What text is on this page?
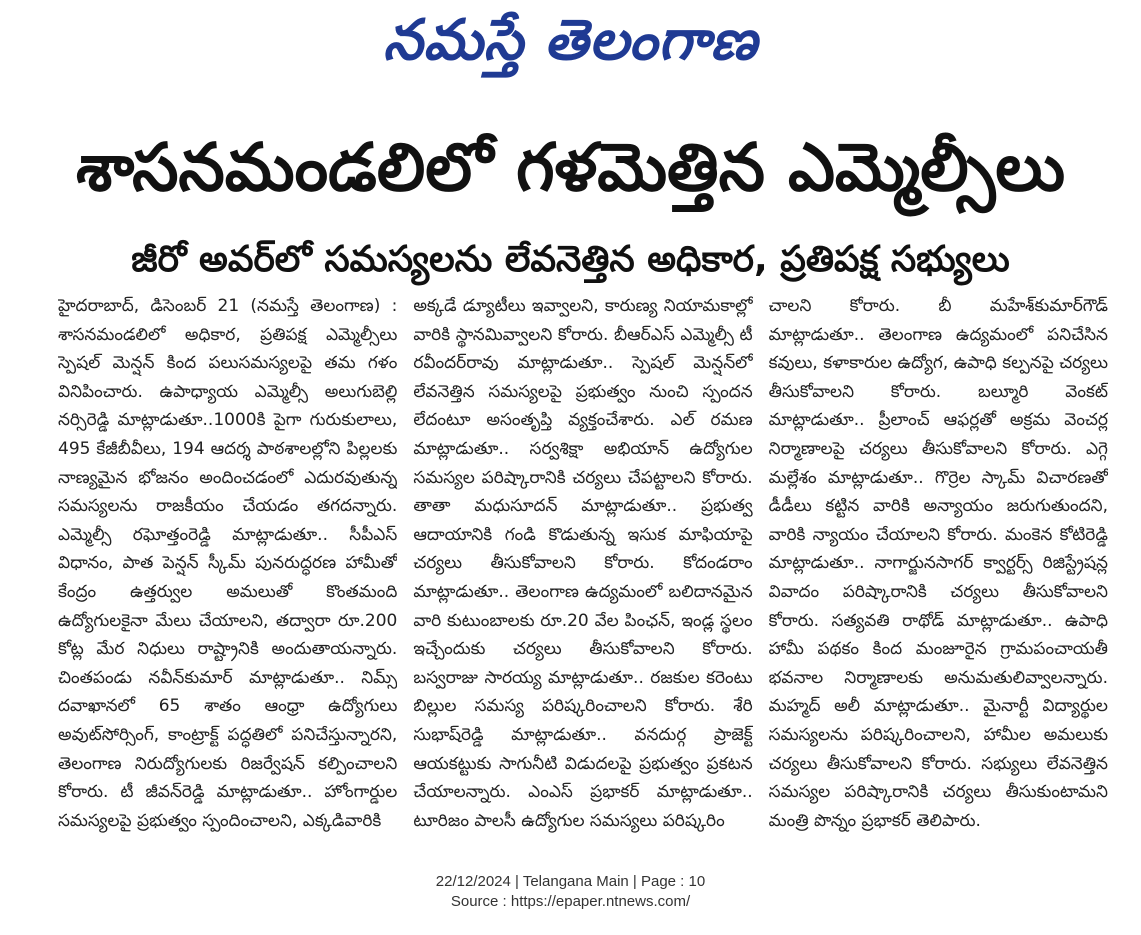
నమస్తే తెలంగాణ
శాసనమండలిలో గళమెత్తిన ఎమ్మెల్సీలు
జీరో అవర్‌లో సమస్యలను లేవనెత్తిన అధికార, ప్రతిపక్ష సభ్యులు

హైదరాబాద్, డిసెంబర్ 21 (నమస్తే తెలంగాణ) : శాసనమండలిలో అధికార, ప్రతిపక్ష ఎమ్మెల్సీలు స్పెషల్ మెన్షన్ కింద పలుసమస్యలపై తమ గళం వినిపించారు. ఉపాధ్యాయ ఎమ్మెల్సీ అలుగుబెల్లి నర్సిరెడ్డి మాట్లాడుతూ..1000కి పైగా గురుకులాలు, 495 కేజీబీవీలు, 194 ఆదర్శ పాఠశాలల్లోని పిల్లలకు నాణ్యమైన భోజనం అందించడంలో ఎదురవుతున్న సమస్యలను రాజకీయం చేయడం తగదన్నారు. ఎమ్మెల్సీ రఘోత్తంరెడ్డి మాట్లాడుతూ.. సీపీఎస్ విధానం, పాత పెన్షన్ స్కీమ్ పునరుద్ధరణ హామీతో కేంద్రం ఉత్తర్వుల అమలుతో కొంతమంది ఉద్యోగులకైనా మేలు చేయాలని, తద్వారా రూ.200 కోట్ల మేర నిధులు రాష్ట్రానికి అందుతాయన్నారు. చింతపండు నవీన్‌కుమార్ మాట్లాడుతూ.. నిమ్స్ దవాఖానలో 65 శాతం ఆంధ్రా ఉద్యోగులు అవుట్‌సోర్సింగ్, కాంట్రాక్ట్ పద్ధతిలో పనిచేస్తున్నారని, తెలంగాణ నిరుద్యోగులకు రిజర్వేషన్ కల్పించాలని కోరారు. టీ జీవన్‌రెడ్డి మాట్లాడుతూ.. హోంగార్డుల సమస్యలపై ప్రభుత్వం స్పందించాలని, ఎక్కడివారికి

అక్కడే డ్యూటీలు ఇవ్వాలని, కారుణ్య నియామకాల్లో వారికి స్థానమివ్వాలని కోరారు. బీఆర్‌ఎస్ ఎమ్మెల్సీ టీ రవీందర్‌రావు మాట్లాడుతూ.. స్పెషల్ మెన్షన్‌లో లేవనెత్తిన సమస్యలపై ప్రభుత్వం నుంచి స్పందన లేదంటూ అసంతృప్తి వ్యక్తంచేశారు. ఎల్ రమణ మాట్లాడుతూ.. సర్వశిక్షా అభియాన్ ఉద్యోగుల సమస్యల పరిష్కారానికి చర్యలు చేపట్టాలని కోరారు. తాతా మధుసూదన్ మాట్లాడుతూ.. ప్రభుత్వ ఆదాయానికి గండి కొడుతున్న ఇసుక మాఫియాపై చర్యలు తీసుకోవాలని కోరారు. కోదండరాం మాట్లాడుతూ.. తెలంగాణ ఉద్యమంలో బలిదానమైన వారి కుటుంబాలకు రూ.20 వేల పింఛన్, ఇండ్ల స్థలం ఇచ్చేందుకు చర్యలు తీసుకోవాలని కోరారు. బస్వరాజు సారయ్య మాట్లాడుతూ.. రజకుల కరెంటు బిల్లుల సమస్య పరిష్కరించాలని కోరారు. శేరి సుభాష్‌రెడ్డి మాట్లాడుతూ.. వనదుర్గ ప్రాజెక్ట్ ఆయకట్టుకు సాగునీటి విడుదలపై ప్రభుత్వం ప్రకటన చేయాలన్నారు. ఎంఎస్ ప్రభాకర్ మాట్లాడుతూ.. టూరిజం పాలసీ ఉద్యోగుల సమస్యలు పరిష్కరిం

చాలని కోరారు. బీ మహేశ్‌కుమార్‌గౌడ్ మాట్లాడుతూ.. తెలంగాణ ఉద్యమంలో పనిచేసిన కవులు, కళాకారుల ఉద్యోగ, ఉపాధి కల్పనపై చర్యలు తీసుకోవాలని కోరారు. బల్మూరి వెంకట్ మాట్లాడుతూ.. ప్రీలాంచ్ ఆఫర్లతో అక్రమ వెంచర్ల నిర్మాణాలపై చర్యలు తీసుకోవాలని కోరారు. ఎగ్గె మల్లేశం మాట్లాడుతూ.. గొర్రెల స్కామ్ విచారణతో డీడీలు కట్టిన వారికి అన్యాయం జరుగుతుందని, వారికి న్యాయం చేయాలని కోరారు. మంకెన కోటిరెడ్డి మాట్లాడుతూ.. నాగార్జునసాగర్ క్వార్టర్స్ రిజిస్ట్రేషన్ల వివాదం పరిష్కారానికి చర్యలు తీసుకోవాలని కోరారు. సత్యవతి రాథోడ్ మాట్లాడుతూ.. ఉపాధి హామీ పథకం కింద మంజూరైన గ్రామపంచాయతీ భవనాల నిర్మాణాలకు అనుమతులివ్వాలన్నారు. మహ్మద్ అలీ మాట్లాడుతూ.. మైనార్టీ విద్యార్థుల సమస్యలను పరిష్కరించాలని, హామీల అమలుకు చర్యలు తీసుకోవాలని కోరారు. సభ్యులు లేవనెత్తిన సమస్యల పరిష్కారానికి చర్యలు తీసుకుంటామని మంత్రి పొన్నం ప్రభాకర్ తెలిపారు.

22/12/2024 | Telangana Main | Page : 10
Source : https://epaper.ntnews.com/
